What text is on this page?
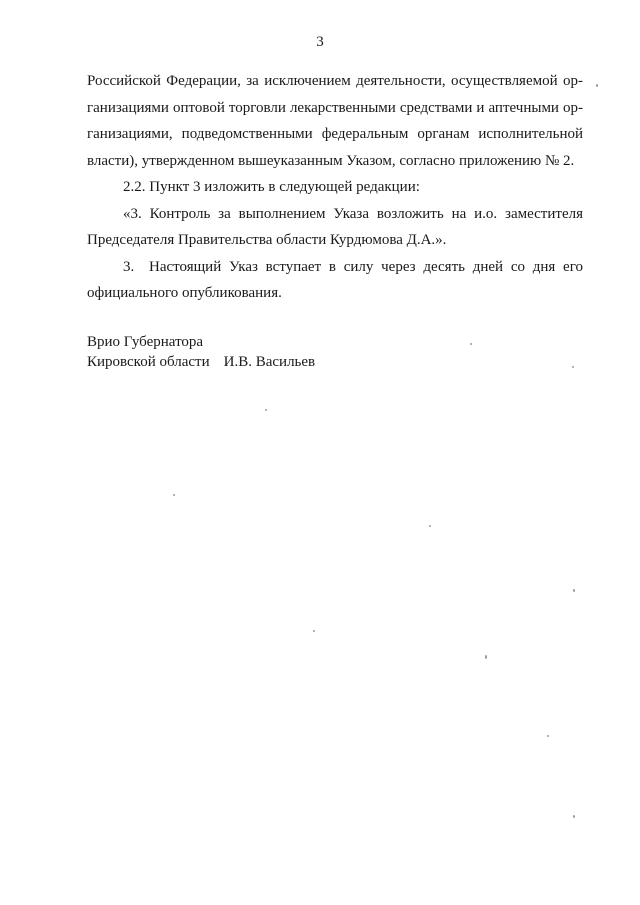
3

Российской Федерации, за исключением деятельности, осуществляемой ор-
ганизациями оптовой торговли лекарственными средствами и аптечными ор-
ганизациями, подведомственными федеральным органам исполнительной
власти), утвержденном вышеуказанным Указом, согласно приложению № 2.

2.2. Пункт 3 изложить в следующей редакции:

«3. Контроль за выполнением Указа возложить на и.о. заместителя
Председателя Правительства области Курдюмова Д.А.».

3. Настоящий Указ вступает в силу через десять дней со дня его
официального опубликования.

Врио Губернатора
Кировской области И.В. Васильев
